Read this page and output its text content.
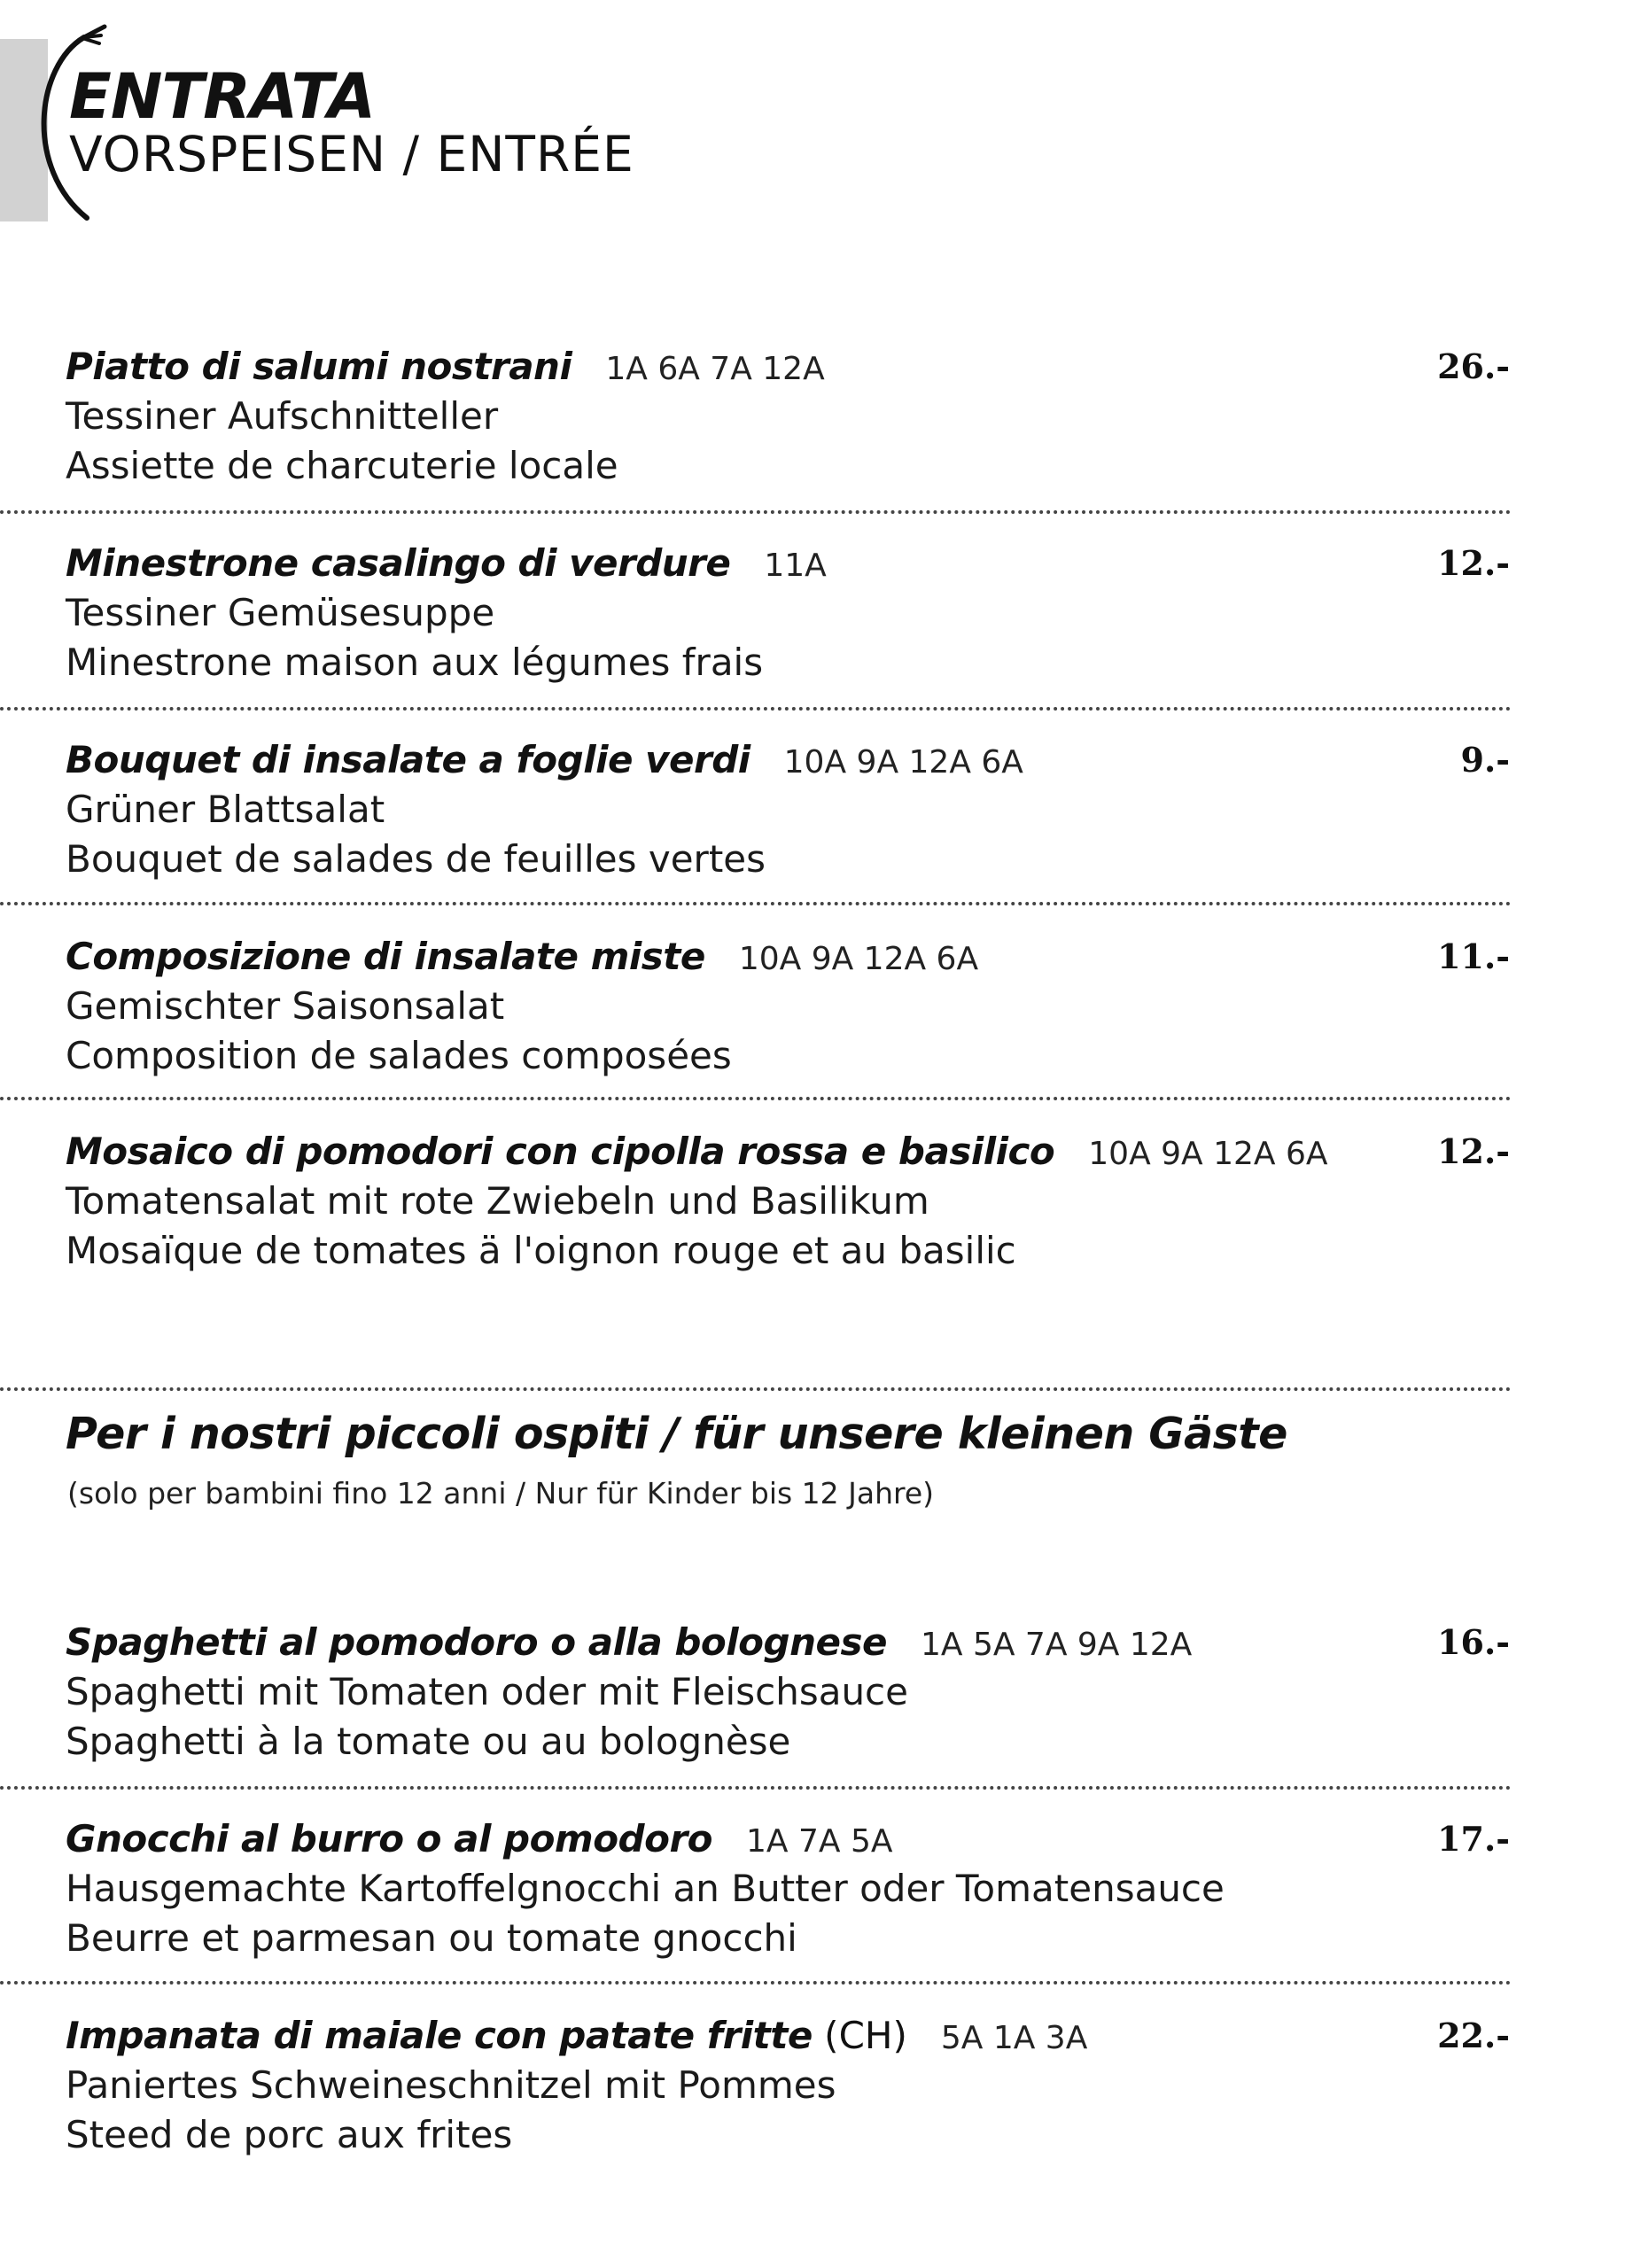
ENTRATA
VORSPEISEN / ENTRÉE
Piatto di salumi nostrani 1A 6A 7A 12A	26.-
Tessiner Aufschnitteller
Assiette de charcuterie locale
Minestrone casalingo di verdure 11A	12.-
Tessiner Gemüsesuppe
Minestrone maison aux légumes frais
Bouquet di insalate a foglie verdi 10A 9A 12A 6A	9.-
Grüner Blattsalat
Bouquet de salades de feuilles vertes
Composizione di insalate miste 10A 9A 12A 6A	11.-
Gemischter Saisonsalat
Composition de salades composées
Mosaico di pomodori con cipolla rossa e basilico 10A 9A 12A 6A	12.-
Tomatensalat mit rote Zwiebeln und Basilikum
Mosaïque de tomates ä l'oignon rouge et au basilic
Per i nostri piccoli ospiti / für unsere kleinen Gäste
(solo per bambini fino 12 anni / Nur für Kinder bis 12 Jahre)
Spaghetti al pomodoro o alla bolognese 1A 5A 7A 9A 12A	16.-
Spaghetti mit Tomaten oder mit Fleischsauce
Spaghetti à la tomate ou au bolognèse
Gnocchi al burro o al pomodoro 1A 7A 5A	17.-
Hausgemachte Kartoffelgnocchi an Butter oder Tomatensauce
Beurre et parmesan ou tomate gnocchi
Impanata di maiale con patate fritte (CH) 5A 1A 3A	22.-
Paniertes Schweineschnitzel mit Pommes
Steed de porc aux frites
